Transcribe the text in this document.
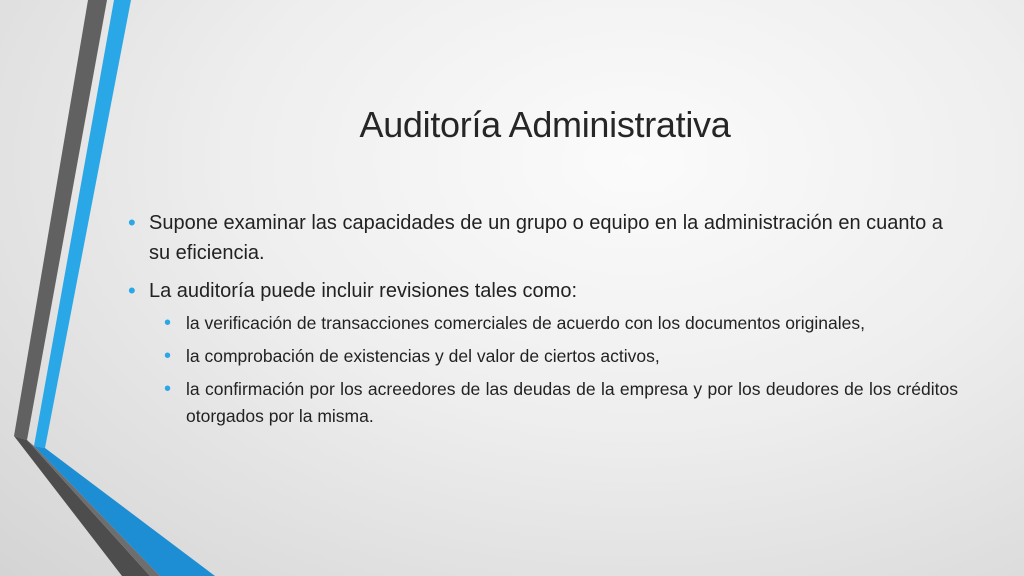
Auditoría Administrativa

• Supone examinar las capacidades de un grupo o equipo en la administración en cuanto a su eficiencia.

• La auditoría puede incluir revisiones tales como:

• la verificación de transacciones comerciales de acuerdo con los documentos originales,

• la comprobación de existencias y del valor de ciertos activos,

• la confirmación por los acreedores de las deudas de la empresa y por los deudores de los créditos otorgados por la misma.
